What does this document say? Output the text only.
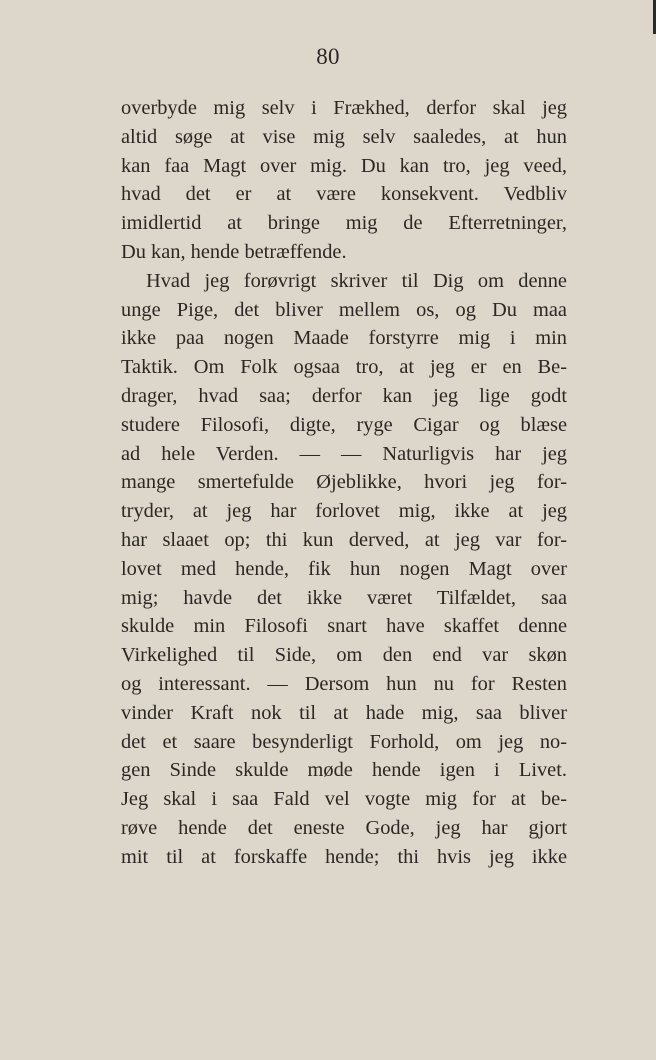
80
overbyde mig selv i Frækhed, derfor skal jeg
altid søge at vise mig selv saaledes, at hun
kan faa Magt over mig. Du kan tro, jeg veed,
hvad det er at være konsekvent. Vedbliv
imidlertid at bringe mig de Efterretninger,
Du kan, hende betræffende.
Hvad jeg forøvrigt skriver til Dig om denne
unge Pige, det bliver mellem os, og Du maa
ikke paa nogen Maade forstyrre mig i min
Taktik. Om Folk ogsaa tro, at jeg er en Be-
drager, hvad saa; derfor kan jeg lige godt
studere Filosofi, digte, ryge Cigar og blæse
ad hele Verden. — — Naturligvis har jeg
mange smertefulde Øjeblikke, hvori jeg for-
tryder, at jeg har forlovet mig, ikke at jeg
har slaaet op; thi kun derved, at jeg var for-
lovet med hende, fik hun nogen Magt over
mig; havde det ikke været Tilfældet, saa
skulde min Filosofi snart have skaffet denne
Virkelighed til Side, om den end var skøn
og interessant. — Dersom hun nu for Resten
vinder Kraft nok til at hade mig, saa bliver
det et saare besynderligt Forhold, om jeg no-
gen Sinde skulde møde hende igen i Livet.
Jeg skal i saa Fald vel vogte mig for at be-
røve hende det eneste Gode, jeg har gjort
mit til at forskaffe hende; thi hvis jeg ikke
